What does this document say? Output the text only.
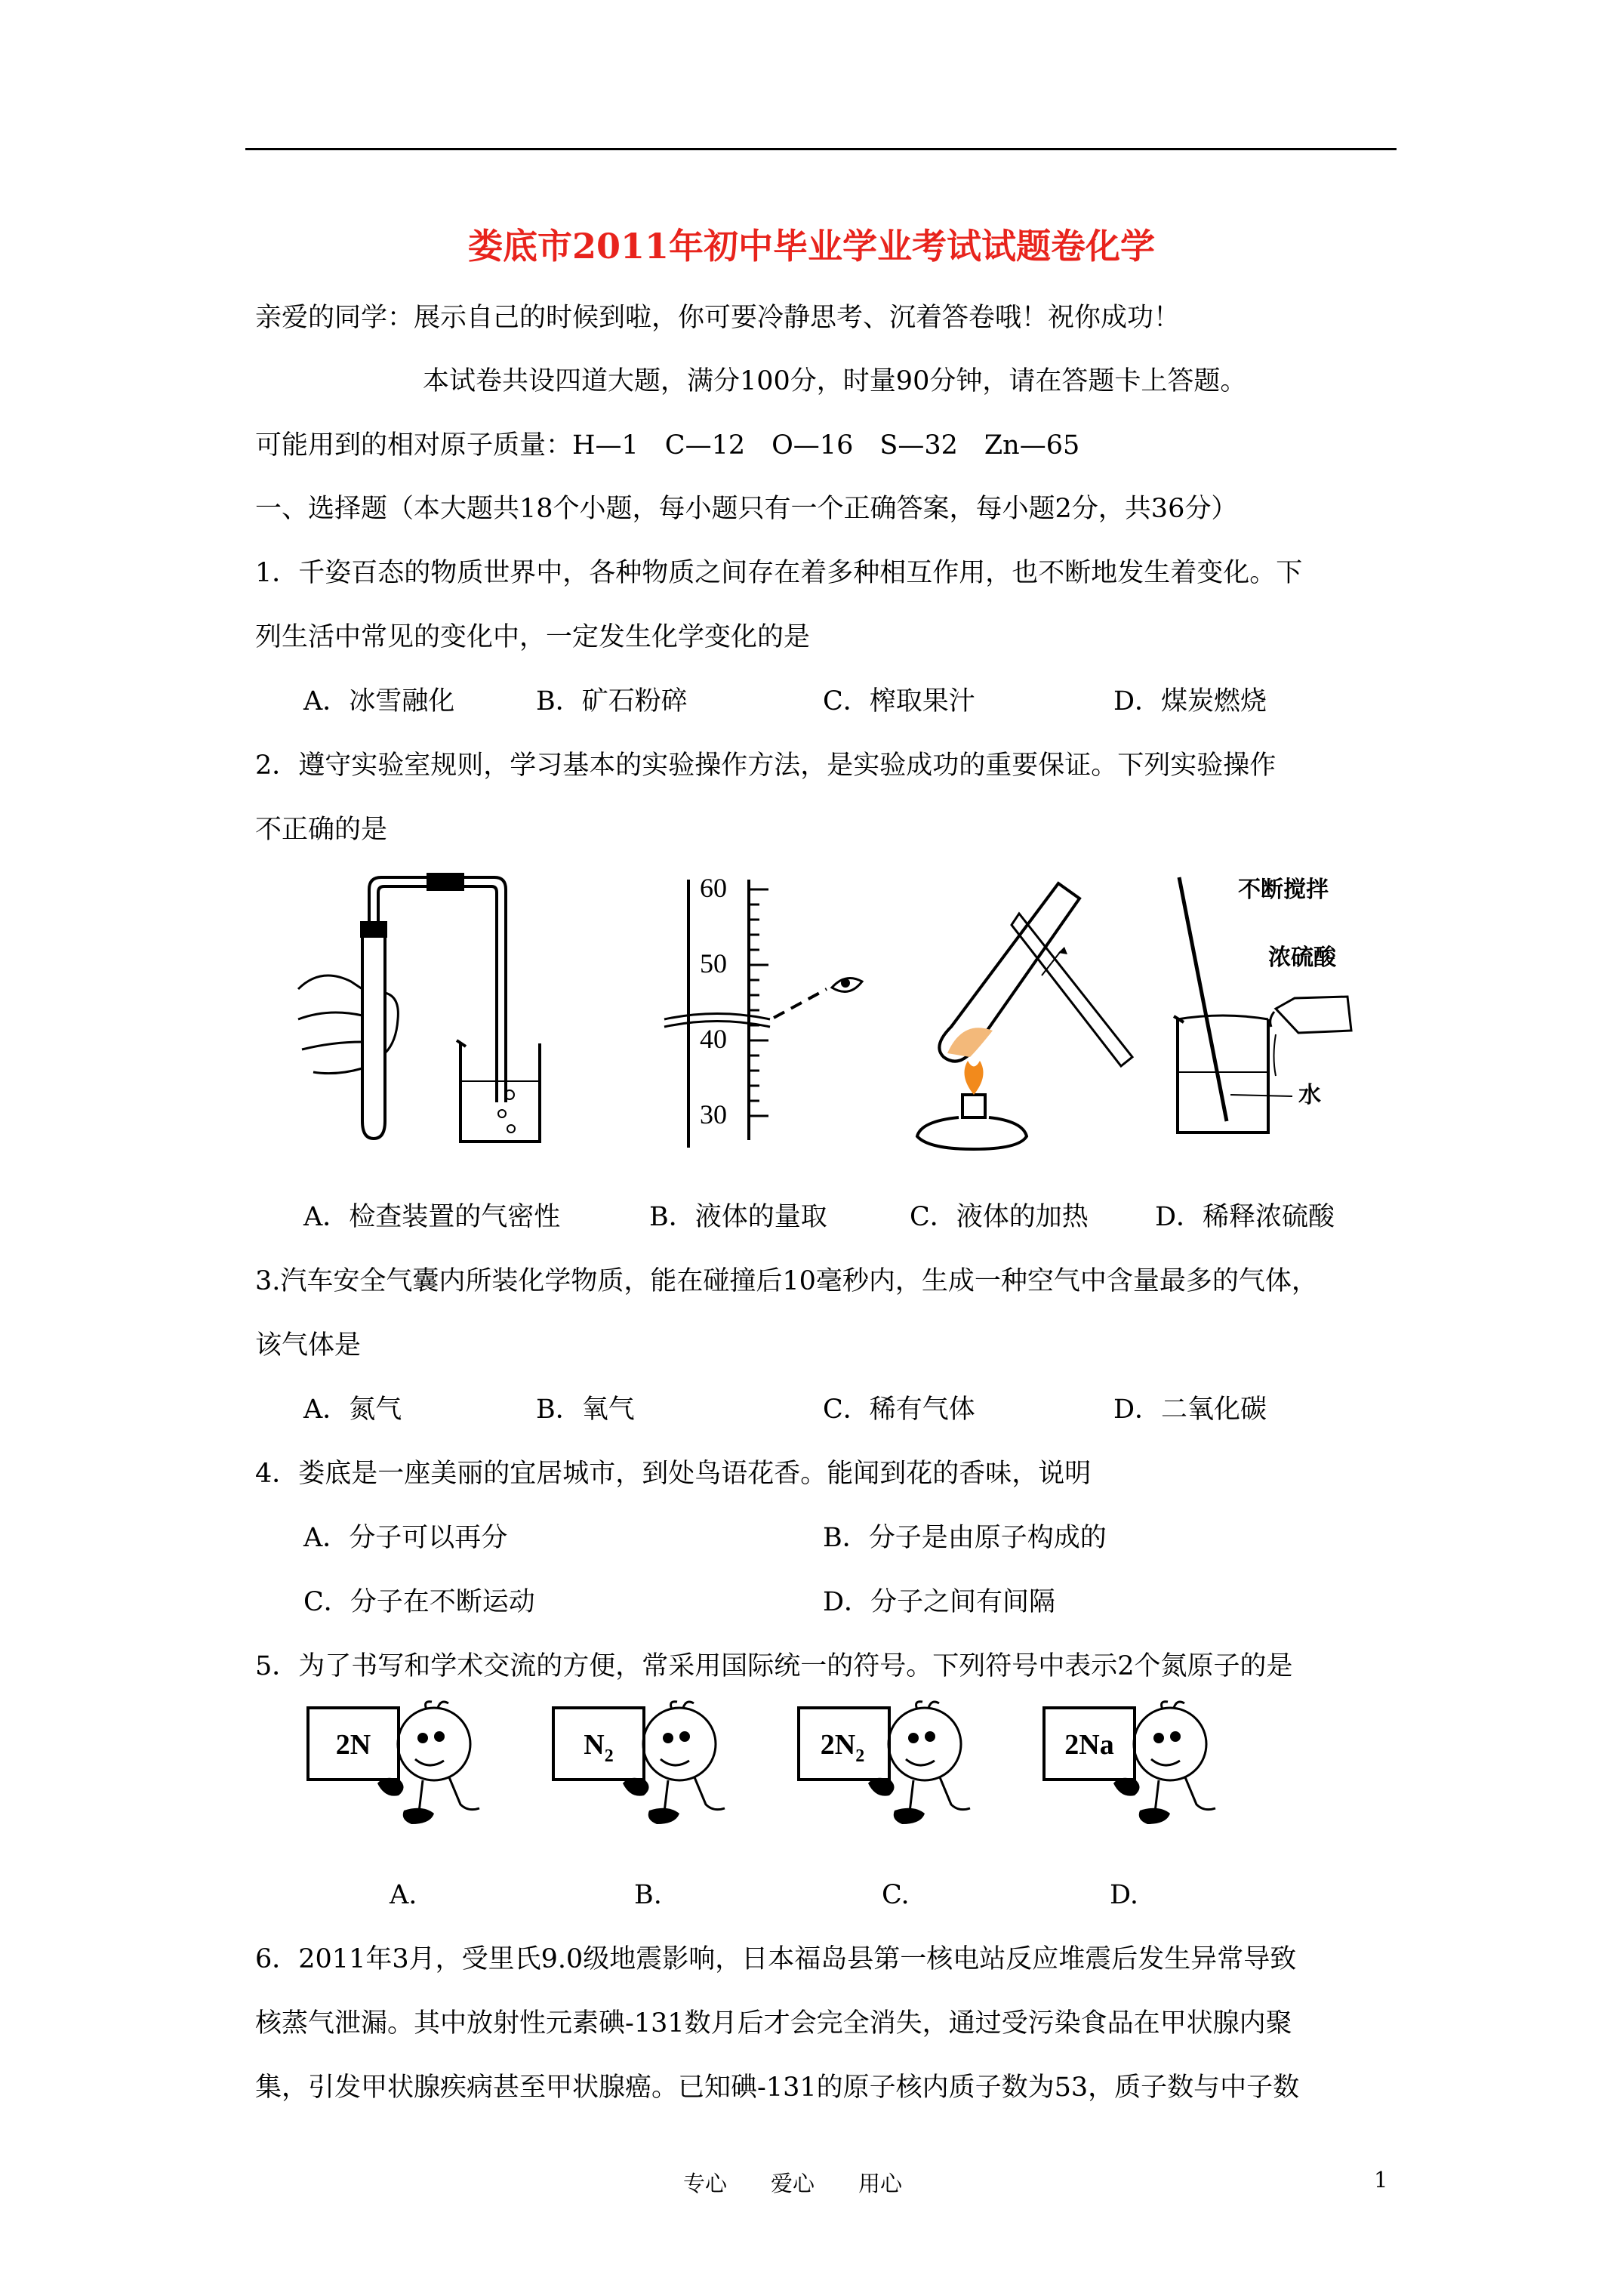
娄底市2011年初中毕业学业考试试题卷化学
亲爱的同学：展示自己的时候到啦，你可要冷静思考、沉着答卷哦！祝你成功！
本试卷共设四道大题，满分100分，时量90分钟，请在答题卡上答题。
可能用到的相对原子质量：H—1　C—12　O—16　S—32　Zn—65
一、选择题（本大题共18个小题，每小题只有一个正确答案，每小题2分，共36分）
1．千姿百态的物质世界中，各种物质之间存在着多种相互作用，也不断地发生着变化。下
列生活中常见的变化中，一定发生化学变化的是
A．冰雪融化	B．矿石粉碎	C．榨取果汁	D．煤炭燃烧
2．遵守实验室规则，学习基本的实验操作方法，是实验成功的重要保证。下列实验操作
不正确的是
60
50
40
30
不断搅拌
浓硫酸
水
A．检查装置的气密性	B．液体的量取	C．液体的加热	D．稀释浓硫酸
3.汽车安全气囊内所装化学物质，能在碰撞后10毫秒内，生成一种空气中含量最多的气体，
该气体是
A．氮气	B．氧气	C．稀有气体	D．二氧化碳
4．娄底是一座美丽的宜居城市，到处鸟语花香。能闻到花的香味，说明
A．分子可以再分	B．分子是由原子构成的
C．分子在不断运动	D．分子之间有间隔
5．为了书写和学术交流的方便，常采用国际统一的符号。下列符号中表示2个氮原子的是
2N	$N_2$	$2N_2$	2Na
A.	B.	C.	D.
6．2011年3月，受里氏9.0级地震影响，日本福岛县第一核电站反应堆震后发生异常导致
核蒸气泄漏。其中放射性元素碘-131数月后才会完全消失，通过受污染食品在甲状腺内聚
集，引发甲状腺疾病甚至甲状腺癌。已知碘-131的原子核内质子数为53，质子数与中子数
专心　　爱心　　用心	1
